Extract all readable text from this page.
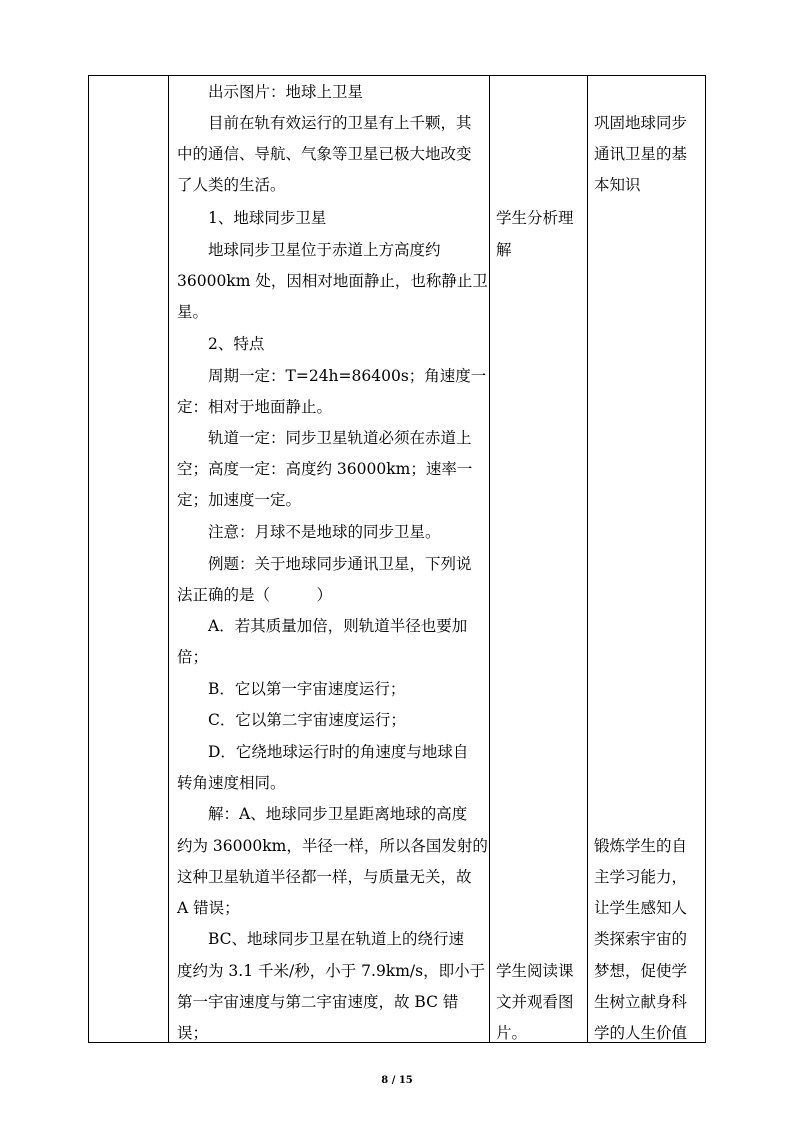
　　出示图片：地球上卫星
　　目前在轨有效运行的卫星有上千颗，其
中的通信、导航、气象等卫星已极大地改变
了人类的生活。
　　1、地球同步卫星
　　地球同步卫星位于赤道上方高度约
36000km 处，因相对地面静止，也称静止卫
星。
　　2、特点
　　周期一定：T=24h=86400s；角速度一
定：相对于地面静止。
　　轨道一定：同步卫星轨道必须在赤道上
空；高度一定：高度约 36000km；速率一
定；加速度一定。
　　注意：月球不是地球的同步卫星。
　　例题：关于地球同步通讯卫星，下列说
法正确的是（　　　）
　　A．若其质量加倍，则轨道半径也要加
倍；
　　B．它以第一宇宙速度运行；
　　C．它以第二宇宙速度运行；
　　D．它绕地球运行时的角速度与地球自
转角速度相同。
　　解：A、地球同步卫星距离地球的高度
约为 36000km，半径一样，所以各国发射的
这种卫星轨道半径都一样，与质量无关，故
A 错误；
　　BC、地球同步卫星在轨道上的绕行速
度约为 3.1 千米/秒，小于 7.9km/s，即小于
第一宇宙速度与第二宇宙速度，故 BC 错
误；
学生分析理
解
学生阅读课
文并观看图
片。
巩固地球同步
通讯卫星的基
本知识
锻炼学生的自
主学习能力，
让学生感知人
类探索宇宙的
梦想，促使学
生树立献身科
学的人生价值
8 / 15
